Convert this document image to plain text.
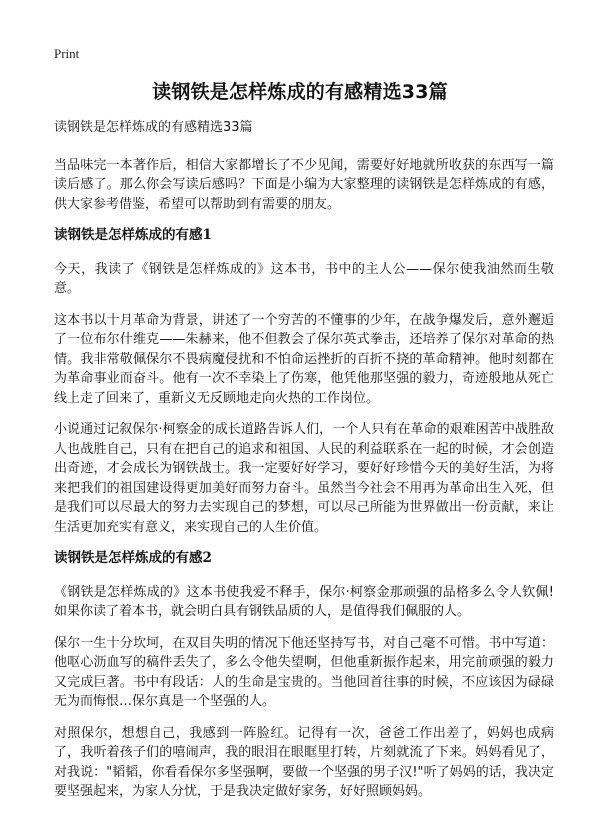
Print
读钢铁是怎样炼成的有感精选33篇

读钢铁是怎样炼成的有感精选33篇

当品味完一本著作后，相信大家都增长了不少见闻，需要好好地就所收获的东西写一篇读后感了。那么你会写读后感吗？下面是小编为大家整理的读钢铁是怎样炼成的有感，供大家参考借鉴，希望可以帮助到有需要的朋友。

读钢铁是怎样炼成的有感1

今天，我读了《钢铁是怎样炼成的》这本书，书中的主人公——保尔使我油然而生敬意。

这本书以十月革命为背景，讲述了一个穷苦的不懂事的少年，在战争爆发后，意外邂逅了一位布尔什维克——朱赫来，他不但教会了保尔英式拳击，还培养了保尔对革命的热情。我非常敬佩保尔不畏病魔侵扰和不怕命运挫折的百折不挠的革命精神。他时刻都在为革命事业而奋斗。他有一次不幸染上了伤寒，他凭他那坚强的毅力，奇迹般地从死亡线上走了回来了，重新义无反顾地走向火热的工作岗位。

小说通过记叙保尔·柯察金的成长道路告诉人们，一个人只有在革命的艰难困苦中战胜敌人也战胜自己，只有在把自己的追求和祖国、人民的利益联系在一起的时候，才会创造出奇迹，才会成长为钢铁战士。我一定要好好学习，要好好珍惜今天的美好生活，为将来把我们的祖国建设得更加美好而努力奋斗。虽然当今社会不用再为革命出生入死，但是我们可以尽最大的努力去实现自己的梦想，可以尽己所能为世界做出一份贡献，来让生活更加充实有意义，来实现自己的人生价值。

读钢铁是怎样炼成的有感2

《钢铁是怎样炼成的》这本书使我爱不释手，保尔·柯察金那顽强的品格多么令人钦佩!如果你读了着本书，就会明白具有钢铁品质的人，是值得我们佩服的人。

保尔一生十分坎坷，在双目失明的情况下他还坚持写书，对自己毫不可惜。书中写道：他呕心沥血写的稿件丢失了，多么令他失望啊，但他重新振作起来，用完前顽强的毅力又完成巨著。书中有段话：人的生命是宝贵的。当他回首往事的时候，不应该因为碌碌无为而悔恨…保尔真是一个坚强的人。

对照保尔，想想自己，我感到一阵脸红。记得有一次，爸爸工作出差了，妈妈也成病了，我听着孩子们的嘻闹声，我的眼泪在眼眶里打转，片刻就流了下来。妈妈看见了，对我说："韬韬，你看看保尔多坚强啊，要做一个坚强的男子汉!"听了妈妈的话，我决定要坚强起来，为家人分忧，于是我决定做好家务，好好照顾妈妈。
